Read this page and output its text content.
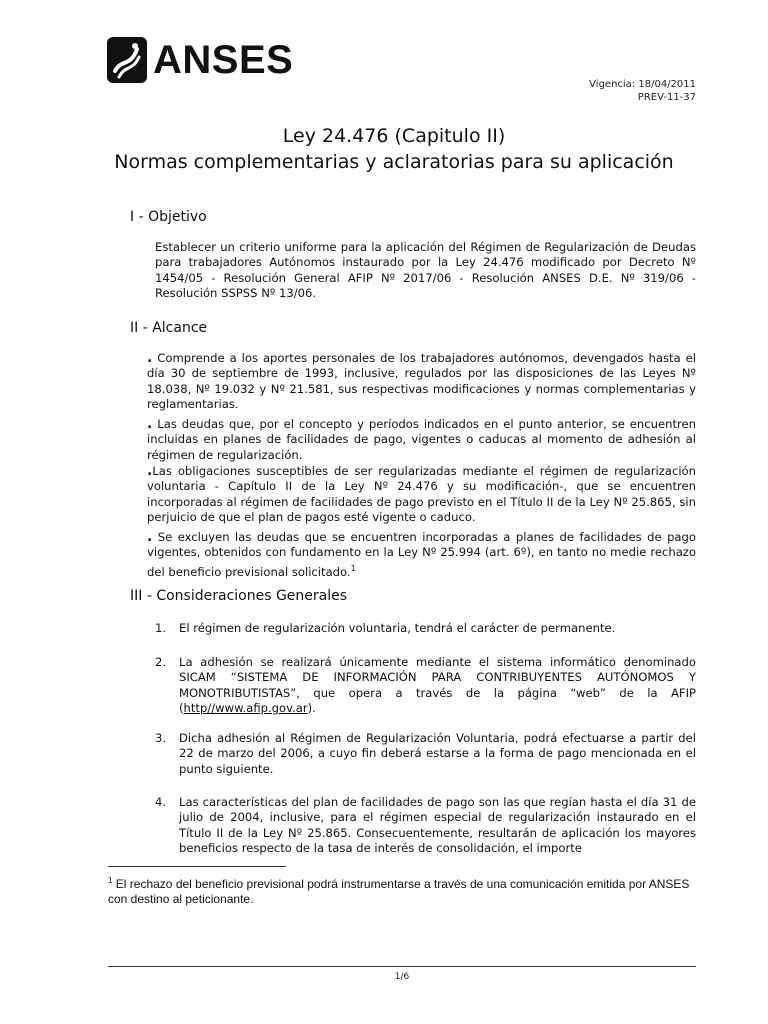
ANSES
Vigencia: 18/04/2011
PREV-11-37
Ley 24.476 (Capitulo II)
Normas complementarias y aclaratorias para su aplicación
I - Objetivo

Establecer un criterio uniforme para la aplicación del Régimen de Regularización de Deudas para trabajadores Autónomos instaurado por la Ley 24.476 modificado por Decreto Nº 1454/05 - Resolución General AFIP Nº 2017/06 - Resolución ANSES D.E. Nº 319/06 - Resolución SSPSS Nº 13/06.

II - Alcance

. Comprende a los aportes personales de los trabajadores autónomos, devengados hasta el día 30 de septiembre de 1993, inclusive, regulados por las disposiciones de las Leyes Nº 18.038, Nº 19.032 y Nº 21.581, sus respectivas modificaciones y normas complementarias y reglamentarias.

. Las deudas que, por el concepto y períodos indicados en el punto anterior, se encuentren incluidas en planes de facilidades de pago, vigentes o caducas al momento de adhesión al régimen de regularización.

.Las obligaciones susceptibles de ser regularizadas mediante el régimen de regularización voluntaria - Capítulo II de la Ley Nº 24.476 y su modificación-, que se encuentren incorporadas al régimen de facilidades de pago previsto en el Título II de la Ley Nº 25.865, sin perjuicio de que el plan de pagos esté vigente o caduco.

. Se excluyen las deudas que se encuentren incorporadas a planes de facilidades de pago vigentes, obtenidos con fundamento en la Ley Nº 25.994 (art. 6º), en tanto no medie rechazo del beneficio previsional solicitado.$^1$

III - Consideraciones Generales
1. El régimen de regularización voluntaria, tendrá el carácter de permanente.

2. La adhesión se realizará únicamente mediante el sistema informático denominado SICAM “SISTEMA DE INFORMACIÓN PARA CONTRIBUYENTES AUTÓNOMOS Y MONOTRIBUTISTAS”, que opera a través de la página “web” de la AFIP (http//www.afip.gov.ar).

3. Dicha adhesión al Régimen de Regularización Voluntaria, podrá efectuarse a partir del 22 de marzo del 2006, a cuyo fin deberá estarse a la forma de pago mencionada en el punto siguiente.

4. Las características del plan de facilidades de pago son las que regían hasta el día 31 de julio de 2004, inclusive, para el régimen especial de regularización instaurado en el Título II de la Ley Nº 25.865. Consecuentemente, resultarán de aplicación los mayores beneficios respecto de la tasa de interés de consolidación, el importe

$^1$ El rechazo del beneficio previsional podrá instrumentarse a través de una comunicación emitida por ANSES con destino al peticionante.
1/6
